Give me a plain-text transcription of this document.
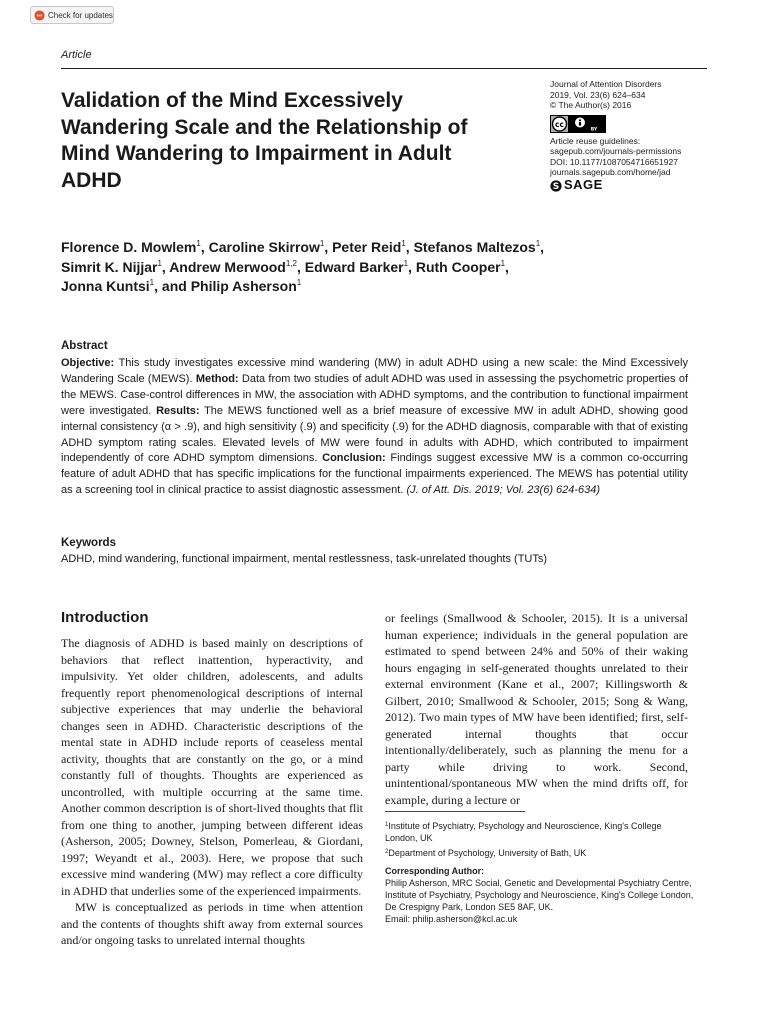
Check for updates
Article
Validation of the Mind Excessively Wandering Scale and the Relationship of Mind Wandering to Impairment in Adult ADHD
Journal of Attention Disorders
2019, Vol. 23(6) 624–634
© The Author(s) 2016
cc
BY
Article reuse guidelines:
sagepub.com/journals-permissions
DOI: 10.1177/1087054716651927
journals.sagepub.com/home/jad
S SAGE

Florence D. Mowlem$^1$, Caroline Skirrow$^1$, Peter Reid$^1$, Stefanos Maltezos$^1$,
Simrit K. Nijjar$^1$, Andrew Merwood$^{1,2}$, Edward Barker$^1$, Ruth Cooper$^1$,
Jonna Kuntsi$^1$, and Philip Asherson$^1$

Abstract

Objective: This study investigates excessive mind wandering (MW) in adult ADHD using a new scale: the Mind Excessively Wandering Scale (MEWS). Method: Data from two studies of adult ADHD was used in assessing the psychometric properties of the MEWS. Case-control differences in MW, the association with ADHD symptoms, and the contribution to functional impairment were investigated. Results: The MEWS functioned well as a brief measure of excessive MW in adult ADHD, showing good internal consistency (α > .9), and high sensitivity (.9) and specificity (.9) for the ADHD diagnosis, comparable with that of existing ADHD symptom rating scales. Elevated levels of MW were found in adults with ADHD, which contributed to impairment independently of core ADHD symptom dimensions. Conclusion: Findings suggest excessive MW is a common co-occurring feature of adult ADHD that has specific implications for the functional impairments experienced. The MEWS has potential utility as a screening tool in clinical practice to assist diagnostic assessment. (J. of Att. Dis. 2019; Vol. 23(6) 624-634)

Keywords
ADHD, mind wandering, functional impairment, mental restlessness, task-unrelated thoughts (TUTs)
Introduction

The diagnosis of ADHD is based mainly on descriptions of behaviors that reflect inattention, hyperactivity, and impulsivity. Yet older children, adolescents, and adults frequently report phenomenological descriptions of internal subjective experiences that may underlie the behavioral changes seen in ADHD. Characteristic descriptions of the mental state in ADHD include reports of ceaseless mental activity, thoughts that are constantly on the go, or a mind constantly full of thoughts. Thoughts are experienced as uncontrolled, with multiple occurring at the same time. Another common description is of short-lived thoughts that flit from one thing to another, jumping between different ideas (Asherson, 2005; Downey, Stelson, Pomerleau, & Giordani, 1997; Weyandt et al., 2003). Here, we propose that such excessive mind wandering (MW) may reflect a core difficulty in ADHD that underlies some of the experienced impairments.

MW is conceptualized as periods in time when attention and the contents of thoughts shift away from external sources and/or ongoing tasks to unrelated internal thoughts

or feelings (Smallwood & Schooler, 2015). It is a universal human experience; individuals in the general population are estimated to spend between 24% and 50% of their waking hours engaging in self-generated thoughts unrelated to their external environment (Kane et al., 2007; Killingsworth & Gilbert, 2010; Smallwood & Schooler, 2015; Song & Wang, 2012). Two main types of MW have been identified; first, self-generated internal thoughts that occur intentionally/deliberately, such as planning the menu for a party while driving to work. Second, unintentional/spontaneous MW when the mind drifts off, for example, during a lecture or

$^1$Institute of Psychiatry, Psychology and Neuroscience, King's College London, UK
$^2$Department of Psychology, University of Bath, UK
Corresponding Author:
Philip Asherson, MRC Social, Genetic and Developmental Psychiatry Centre, Institute of Psychiatry, Psychology and Neuroscience, King's College London, De Crespigny Park, London SE5 8AF, UK.
Email: philip.asherson@kcl.ac.uk
